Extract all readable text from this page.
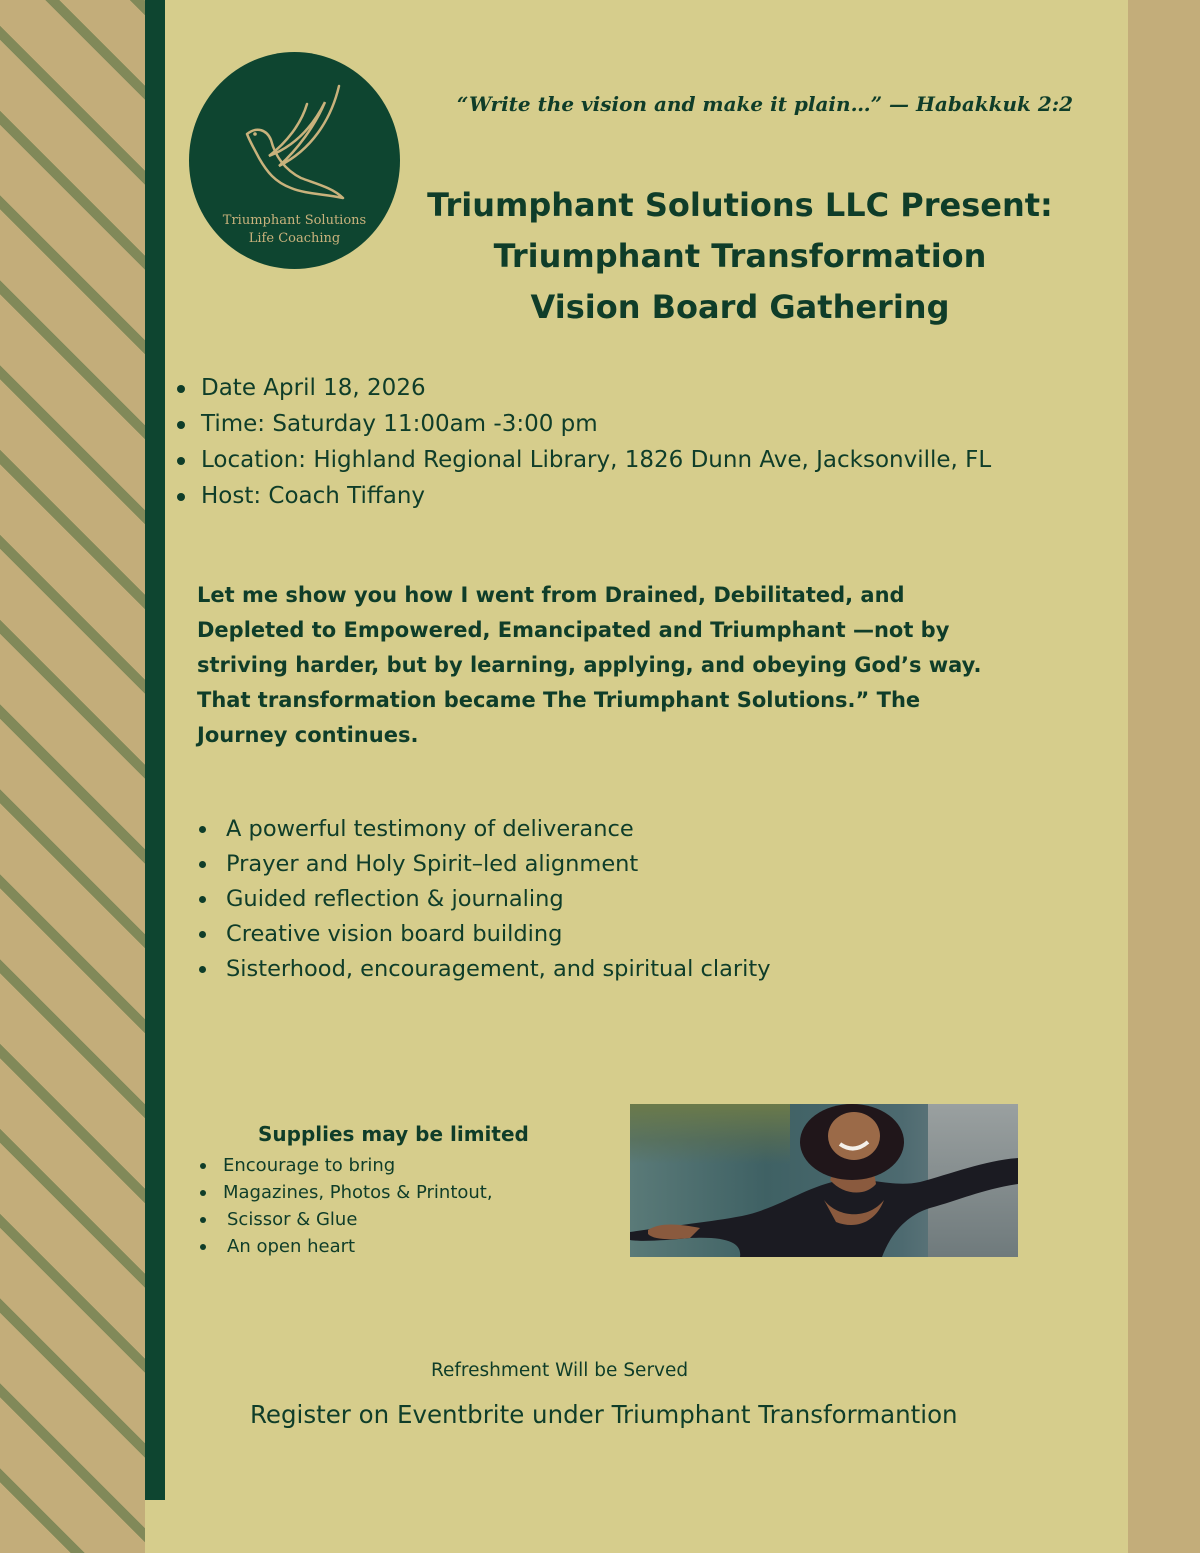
Triumphant Solutions
Life Coaching
“Write the vision and make it plain…” — Habakkuk 2:2
Triumphant Solutions LLC Present:
Triumphant Transformation
Vision Board Gathering
Date April 18, 2026
Time: Saturday 11:00am -3:00 pm
Location: Highland Regional Library, 1826 Dunn Ave, Jacksonville, FL
Host: Coach Tiffany
Let me show you how I went from Drained, Debilitated, and
Depleted to Empowered, Emancipated and Triumphant —not by
striving harder, but by learning, applying, and obeying God’s way.
That transformation became The Triumphant Solutions.” The
Journey continues.
A powerful testimony of deliverance
Prayer and Holy Spirit–led alignment
Guided reflection & journaling
Creative vision board building
Sisterhood, encouragement, and spiritual clarity
Supplies may be limited
Encourage to bring
Magazines, Photos & Printout,
Scissor & Glue
An open heart
Refreshment Will be Served
Register on Eventbrite under Triumphant Transformantion
